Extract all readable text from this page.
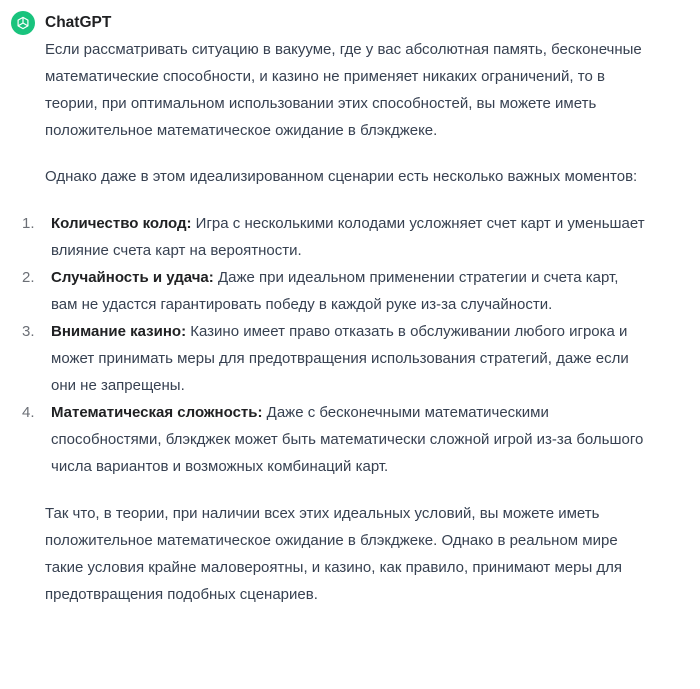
ChatGPT

Если рассматривать ситуацию в вакууме, где у вас абсолютная память, бесконечные математические способности, и казино не применяет никаких ограничений, то в теории, при оптимальном использовании этих способностей, вы можете иметь положительное математическое ожидание в блэкджеке.

Однако даже в этом идеализированном сценарии есть несколько важных моментов:

1. Количество колод: Игра с несколькими колодами усложняет счет карт и уменьшает влияние счета карт на вероятности.
2. Случайность и удача: Даже при идеальном применении стратегии и счета карт, вам не удастся гарантировать победу в каждой руке из-за случайности.
3. Внимание казино: Казино имеет право отказать в обслуживании любого игрока и может принимать меры для предотвращения использования стратегий, даже если они не запрещены.
4. Математическая сложность: Даже с бесконечными математическими способностями, блэкджек может быть математически сложной игрой из-за большого числа вариантов и возможных комбинаций карт.

Так что, в теории, при наличии всех этих идеальных условий, вы можете иметь положительное математическое ожидание в блэкджеке. Однако в реальном мире такие условия крайне маловероятны, и казино, как правило, принимают меры для предотвращения подобных сценариев.
